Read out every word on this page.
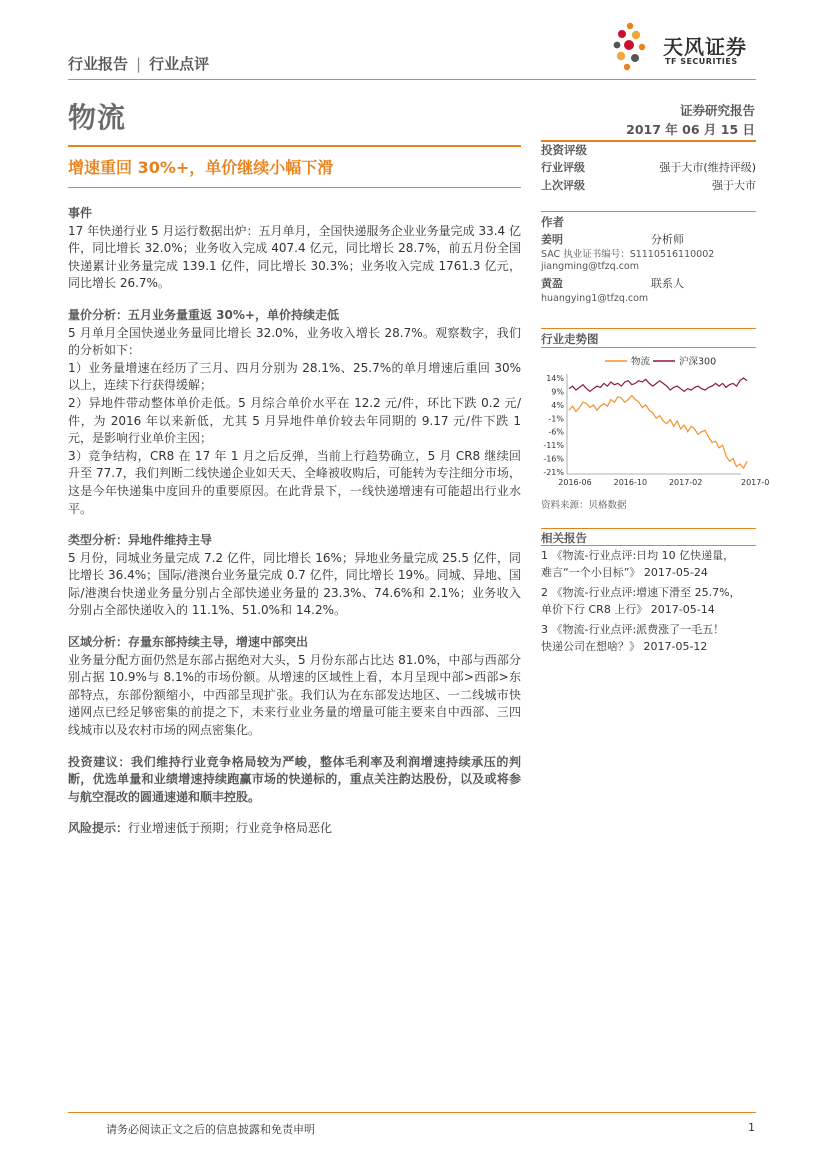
行业报告 | 行业点评
天风证券
TF SECURITIES
物流	证券研究报告
2017 年 06 月 15 日
增速重回 30%+，单价继续小幅下滑
事件

17 年快递行业 5 月运行数据出炉：五月单月，全国快递服务企业业务量完成 33.4 亿件，同比增长 32.0%；业务收入完成 407.4 亿元，同比增长 28.7%，前五月份全国快递累计业务量完成 139.1 亿件，同比增长 30.3%；业务收入完成 1761.3 亿元，同比增长 26.7%。

量价分析：五月业务量重返 30%+，单价持续走低

5 月单月全国快递业务量同比增长 32.0%，业务收入增长 28.7%。观察数字，我们的分析如下：

1）业务量增速在经历了三月、四月分别为 28.1%、25.7%的单月增速后重回 30%以上，连续下行获得缓解；

2）异地件带动整体单价走低。5 月综合单价水平在 12.2 元/件，环比下跌 0.2 元/件，为 2016 年以来新低，尤其 5 月异地件单价较去年同期的 9.17 元/件下跌 1 元，是影响行业单价主因；

3）竞争结构，CR8 在 17 年 1 月之后反弹，当前上行趋势确立，5 月 CR8 继续回升至 77.7，我们判断二线快递企业如天天、全峰被收购后，可能转为专注细分市场，这是今年快递集中度回升的重要原因。在此背景下，一线快递增速有可能超出行业水平。

类型分析：异地件维持主导

5 月份，同城业务量完成 7.2 亿件，同比增长 16%；异地业务量完成 25.5 亿件，同比增长 36.4%；国际/港澳台业务量完成 0.7 亿件，同比增长 19%。同城、异地、国际/港澳台快递业务量分别占全部快递业务量的 23.3%、74.6%和 2.1%；业务收入分别占全部快递收入的 11.1%、51.0%和 14.2%。

区域分析：存量东部持续主导，增速中部突出

业务量分配方面仍然是东部占据绝对大头，5 月份东部占比达 81.0%，中部与西部分别占据 10.9%与 8.1%的市场份额。从增速的区域性上看，本月呈现中部>西部>东部特点，东部份额缩小，中西部呈现扩张。我们认为在东部发达地区、一二线城市快递网点已经足够密集的前提之下，未来行业业务量的增量可能主要来自中西部、三四线城市以及农村市场的网点密集化。

投资建议：我们维持行业竞争格局较为严峻，整体毛利率及利润增速持续承压的判断，优选单量和业绩增速持续跑赢市场的快递标的，重点关注韵达股份，以及或将参与航空混改的圆通速递和顺丰控股。

风险提示：行业增速低于预期；行业竞争格局恶化

投资评级
行业评级	强于大市(维持评级)
上次评级	强于大市
作者
姜明	分析师
SAC 执业证书编号：S1110516110002
jiangming@tfzq.com
黄盈	联系人
huangying1@tfzq.com
行业走势图
物流	沪深300
14%
9%
4%
-1%
-6%
-11%
-16%
-21%
2016-06	2016-10	2017-02	2017-0
资料来源：贝格数据
相关报告

1 《物流-行业点评:日均 10 亿快递量，
难言“一个小目标”》 2017-05-24

2 《物流-行业点评:增速下滑至 25.7%，
单价下行 CR8 上行》 2017-05-14

3 《物流-行业点评:派费涨了一毛五！
快递公司在想啥？》 2017-05-12

请务必阅读正文之后的信息披露和免责申明	1
